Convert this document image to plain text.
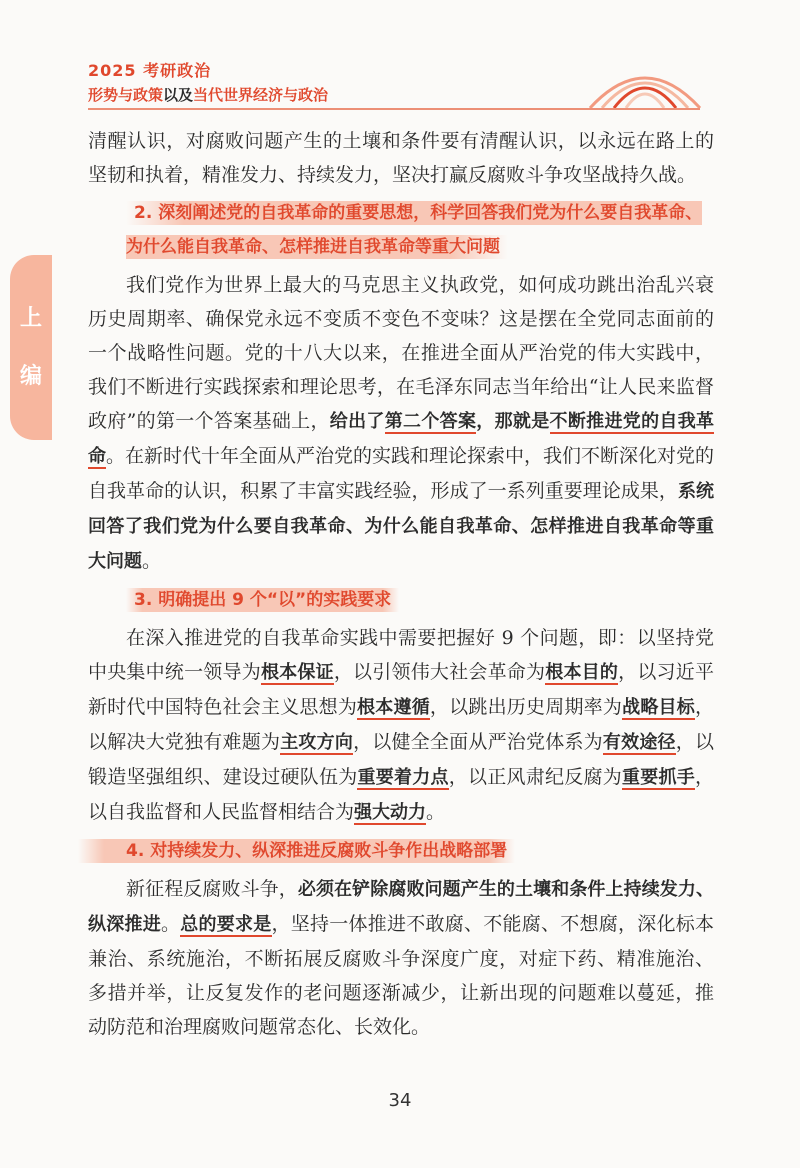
2025 考研政治
形势与政策以及当代世界经济与政治
上
编

清醒认识，对腐败问题产生的土壤和条件要有清醒认识，以永远在路上的坚韧和执着，精准发力、持续发力，坚决打赢反腐败斗争攻坚战持久战。

2. 深刻阐述党的自我革命的重要思想，科学回答我们党为什么要自我革命、为什么能自我革命、怎样推进自我革命等重大问题

我们党作为世界上最大的马克思主义执政党，如何成功跳出治乱兴衰历史周期率、确保党永远不变质不变色不变味？这是摆在全党同志面前的一个战略性问题。党的十八大以来，在推进全面从严治党的伟大实践中，我们不断进行实践探索和理论思考，在毛泽东同志当年给出“让人民来监督政府”的第一个答案基础上，给出了第二个答案，那就是不断推进党的自我革命。在新时代十年全面从严治党的实践和理论探索中，我们不断深化对党的自我革命的认识，积累了丰富实践经验，形成了一系列重要理论成果，系统回答了我们党为什么要自我革命、为什么能自我革命、怎样推进自我革命等重大问题。

3. 明确提出 9 个“以”的实践要求

在深入推进党的自我革命实践中需要把握好 9 个问题，即：以坚持党中央集中统一领导为根本保证，以引领伟大社会革命为根本目的，以习近平新时代中国特色社会主义思想为根本遵循，以跳出历史周期率为战略目标，以解决大党独有难题为主攻方向，以健全全面从严治党体系为有效途径，以锻造坚强组织、建设过硬队伍为重要着力点，以正风肃纪反腐为重要抓手，以自我监督和人民监督相结合为强大动力。

4. 对持续发力、纵深推进反腐败斗争作出战略部署

新征程反腐败斗争，必须在铲除腐败问题产生的土壤和条件上持续发力、纵深推进。总的要求是，坚持一体推进不敢腐、不能腐、不想腐，深化标本兼治、系统施治，不断拓展反腐败斗争深度广度，对症下药、精准施治、多措并举，让反复发作的老问题逐渐减少，让新出现的问题难以蔓延，推动防范和治理腐败问题常态化、长效化。

34
